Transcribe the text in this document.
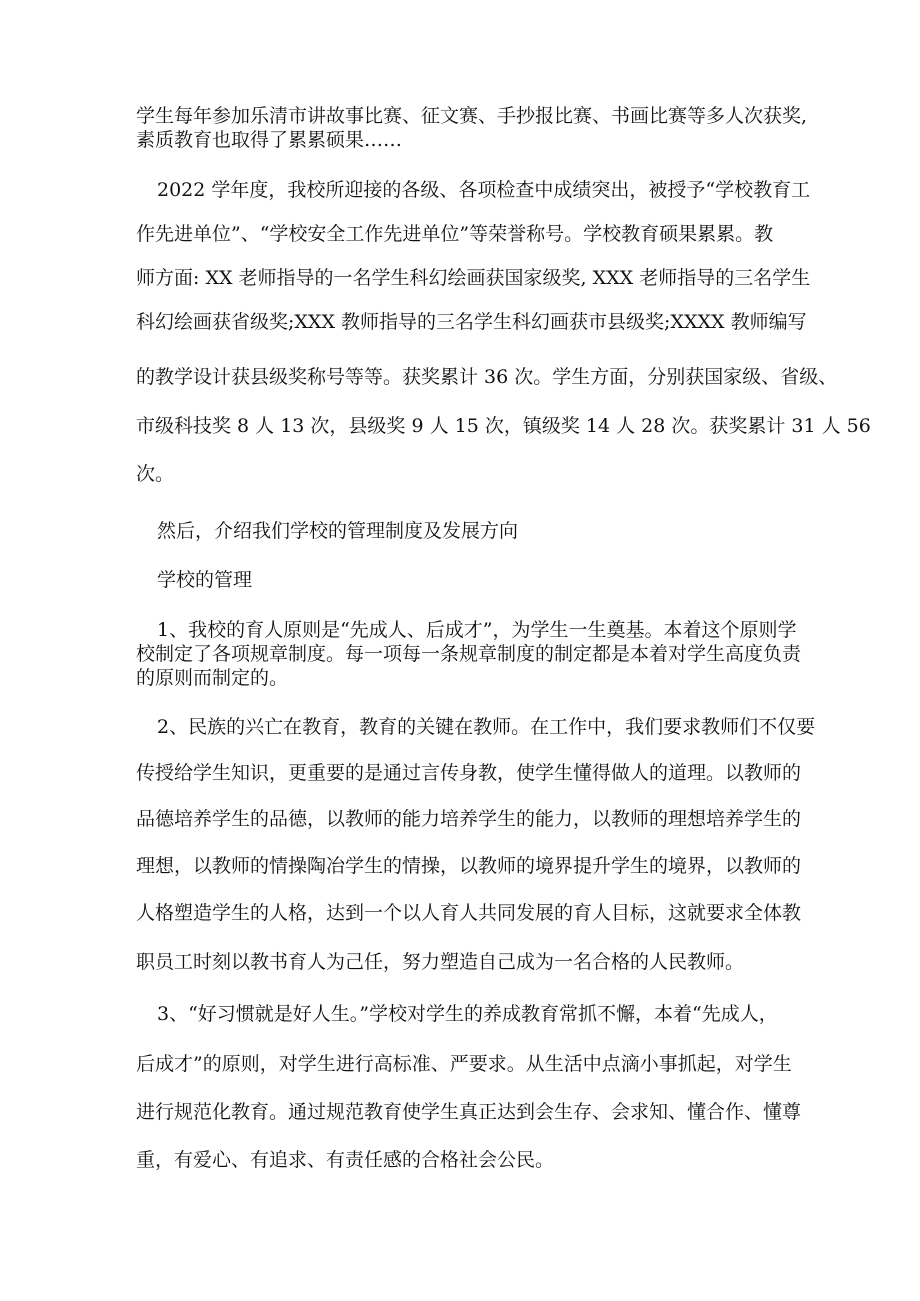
学生每年参加乐清市讲故事比赛、征文赛、手抄报比赛、书画比赛等多人次获奖,
素质教育也取得了累累硕果……
2022 学年度，我校所迎接的各级、各项检查中成绩突出，被授予“学校教育工
作先进单位”、“学校安全工作先进单位”等荣誉称号。学校教育硕果累累。教
师方面: XX 老师指导的一名学生科幻绘画获国家级奖, XXX 老师指导的三名学生
科幻绘画获省级奖;XXX 教师指导的三名学生科幻画获市县级奖;XXXX 教师编写
的教学设计获县级奖称号等等。获奖累计 36 次。学生方面，分别获国家级、省级、
市级科技奖 8 人 13 次，县级奖 9 人 15 次，镇级奖 14 人 28 次。获奖累计 31 人 56
次。
然后，介绍我们学校的管理制度及发展方向
学校的管理
1、我校的育人原则是“先成人、后成才”，为学生一生奠基。本着这个原则学
校制定了各项规章制度。每一项每一条规章制度的制定都是本着对学生高度负责
的原则而制定的。
2、民族的兴亡在教育，教育的关键在教师。在工作中，我们要求教师们不仅要
传授给学生知识，更重要的是通过言传身教，使学生懂得做人的道理。以教师的
品德培养学生的品德，以教师的能力培养学生的能力，以教师的理想培养学生的
理想，以教师的情操陶冶学生的情操，以教师的境界提升学生的境界，以教师的
人格塑造学生的人格，达到一个以人育人共同发展的育人目标，这就要求全体教
职员工时刻以教书育人为己任，努力塑造自己成为一名合格的人民教师。
3、“好习惯就是好人生。”学校对学生的养成教育常抓不懈，本着“先成人，
后成才”的原则，对学生进行高标准、严要求。从生活中点滴小事抓起，对学生
进行规范化教育。通过规范教育使学生真正达到会生存、会求知、懂合作、懂尊
重，有爱心、有追求、有责任感的合格社会公民。
